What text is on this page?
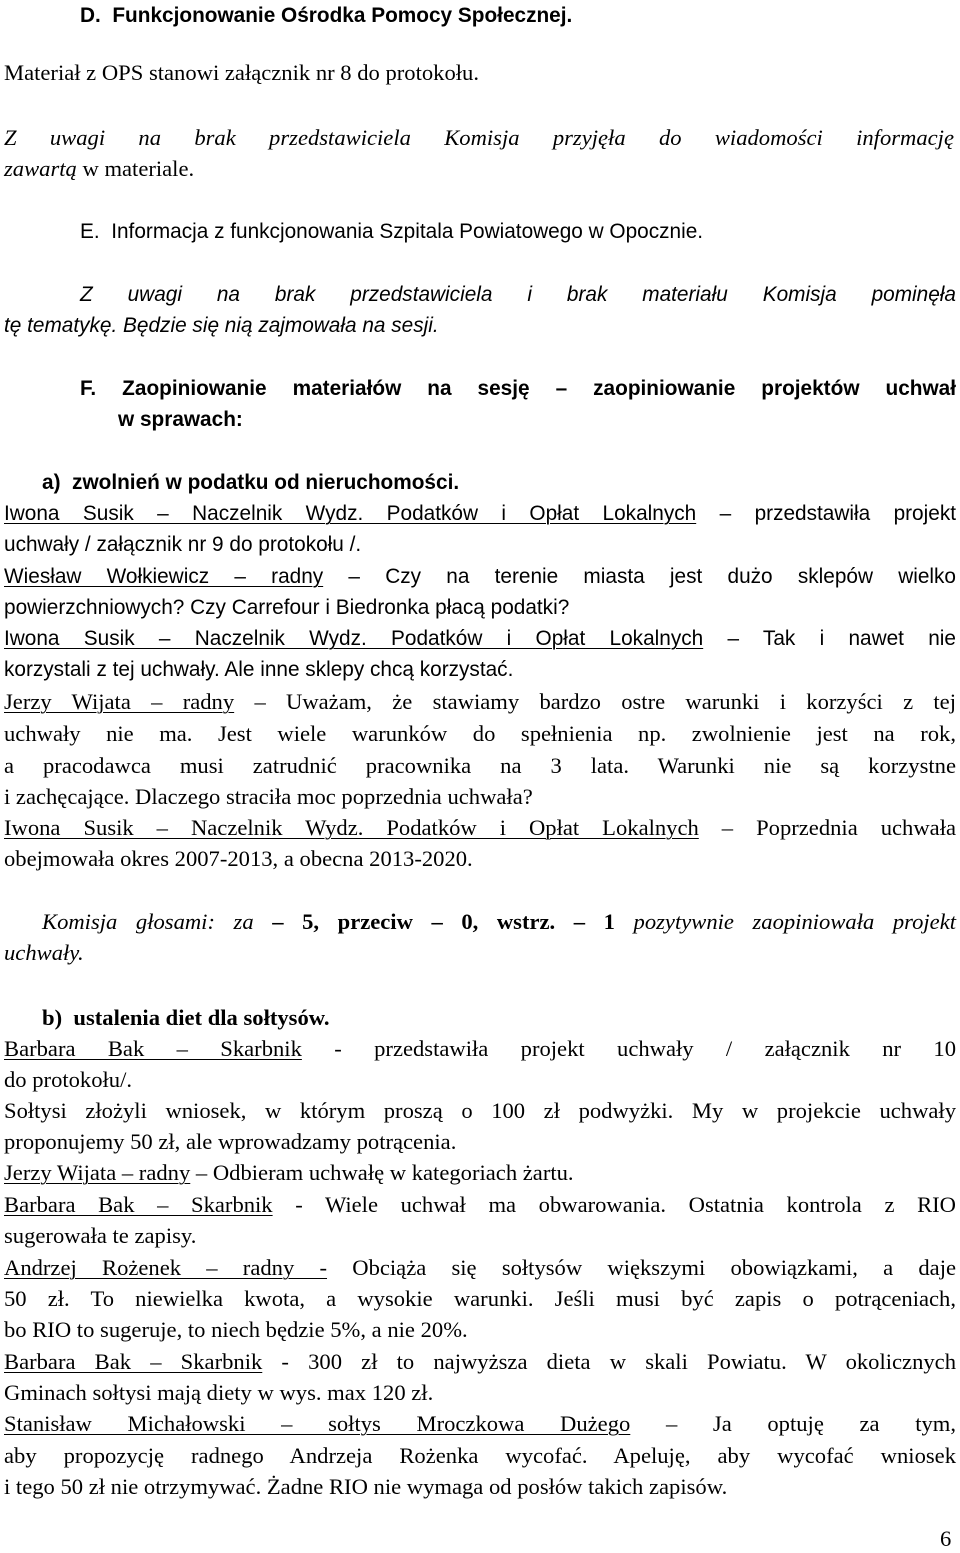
D.  Funkcjonowanie Ośrodka Pomocy Społecznej.
Materiał z OPS stanowi załącznik nr 8 do protokołu.
Z uwagi na brak przedstawiciela Komisja przyjęła do wiadomości informację
zawartą w materiale.
E.  Informacja z funkcjonowania Szpitala Powiatowego w Opocznie.
Z uwagi na brak przedstawiciela i brak materiału Komisja pominęła
tę tematykę. Będzie się nią zajmowała na sesji.
F. Zaopiniowanie materiałów na sesję – zaopiniowanie projektów uchwał
w sprawach:
a)  zwolnień w podatku od nieruchomości.
Iwona Susik – Naczelnik Wydz. Podatków i Opłat Lokalnych – przedstawiła projekt
uchwały / załącznik nr 9 do protokołu /.
Wiesław Wołkiewicz – radny – Czy na terenie miasta jest dużo sklepów wielko
powierzchniowych? Czy Carrefour i Biedronka płacą podatki?
Iwona Susik – Naczelnik Wydz. Podatków i Opłat Lokalnych – Tak i nawet nie
korzystali z tej uchwały. Ale inne sklepy chcą korzystać.
Jerzy Wijata – radny – Uważam, że stawiamy bardzo ostre warunki i korzyści z tej
uchwały nie ma. Jest wiele warunków do spełnienia np. zwolnienie jest na rok,
a pracodawca musi zatrudnić pracownika na 3 lata. Warunki nie są korzystne
i zachęcające. Dlaczego straciła moc poprzednia uchwała?
Iwona Susik – Naczelnik Wydz. Podatków i Opłat Lokalnych – Poprzednia uchwała
obejmowała okres 2007-2013, a obecna 2013-2020.
Komisja głosami: za – 5, przeciw – 0, wstrz. – 1 pozytywnie zaopiniowała projekt
uchwały.
b)  ustalenia diet dla sołtysów.
Barbara Bak – Skarbnik - przedstawiła projekt uchwały / załącznik nr 10
do protokołu/.
Sołtysi złożyli wniosek, w którym proszą o 100 zł podwyżki. My w projekcie uchwały
proponujemy 50 zł, ale wprowadzamy potrącenia.
Jerzy Wijata – radny – Odbieram uchwałę w kategoriach żartu.
Barbara Bak – Skarbnik - Wiele uchwał ma obwarowania. Ostatnia kontrola z RIO
sugerowała te zapisy.
Andrzej Rożenek – radny - Obciąża się sołtysów większymi obowiązkami, a daje
50 zł. To niewielka kwota, a wysokie warunki. Jeśli musi być zapis o potrąceniach,
bo RIO to sugeruje, to niech będzie 5%, a nie 20%.
Barbara Bak – Skarbnik - 300 zł to najwyższa dieta w skali Powiatu. W okolicznych
Gminach sołtysi mają diety w wys. max 120 zł.
Stanisław Michałowski – sołtys Mroczkowa Dużego – Ja optuję za tym,
aby propozycję radnego Andrzeja Rożenka wycofać. Apeluję, aby wycofać wniosek
i tego 50 zł nie otrzymywać. Żadne RIO nie wymaga od posłów takich zapisów.
6
